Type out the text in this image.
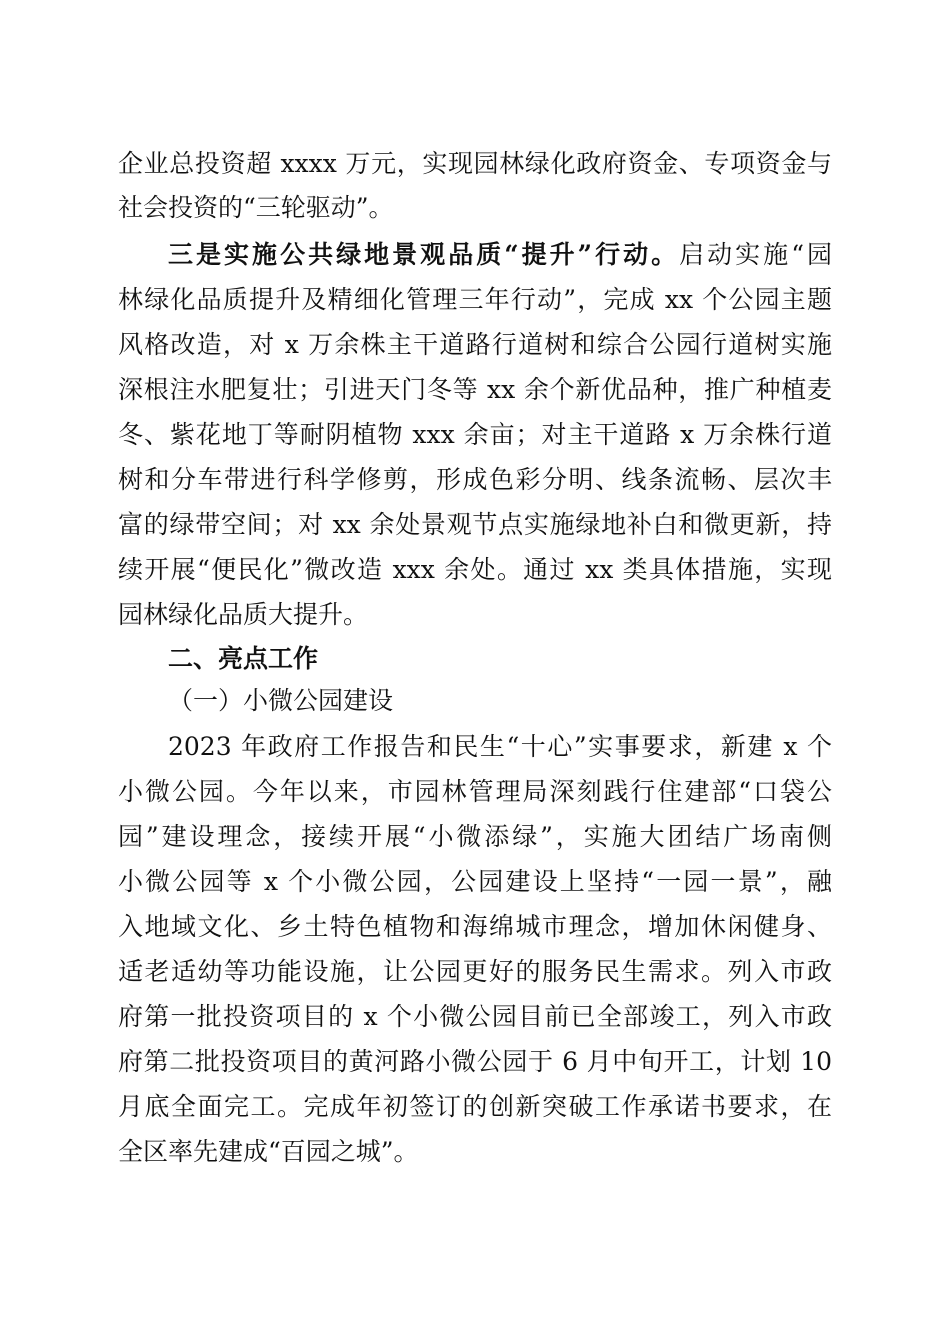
企业总投资超 xxxx 万元，实现园林绿化政府资金、专项资金与
社会投资的“三轮驱动”。
三是实施公共绿地景观品质“提升”行动。启动实施“园
林绿化品质提升及精细化管理三年行动”，完成 xx 个公园主题
风格改造，对 x 万余株主干道路行道树和综合公园行道树实施
深根注水肥复壮；引进天门冬等 xx 余个新优品种，推广种植麦
冬、紫花地丁等耐阴植物 xxx 余亩；对主干道路 x 万余株行道
树和分车带进行科学修剪，形成色彩分明、线条流畅、层次丰
富的绿带空间；对 xx 余处景观节点实施绿地补白和微更新，持
续开展“便民化”微改造 xxx 余处。通过 xx 类具体措施，实现
园林绿化品质大提升。
二、亮点工作
（一）小微公园建设
2023 年政府工作报告和民生“十心”实事要求，新建 x 个
小微公园。今年以来，市园林管理局深刻践行住建部“口袋公
园”建设理念，接续开展“小微添绿”，实施大团结广场南侧
小微公园等 x 个小微公园，公园建设上坚持“一园一景”，融
入地域文化、乡土特色植物和海绵城市理念，增加休闲健身、
适老适幼等功能设施，让公园更好的服务民生需求。列入市政
府第一批投资项目的 x 个小微公园目前已全部竣工，列入市政
府第二批投资项目的黄河路小微公园于 6 月中旬开工，计划 10
月底全面完工。完成年初签订的创新突破工作承诺书要求，在
全区率先建成“百园之城”。
